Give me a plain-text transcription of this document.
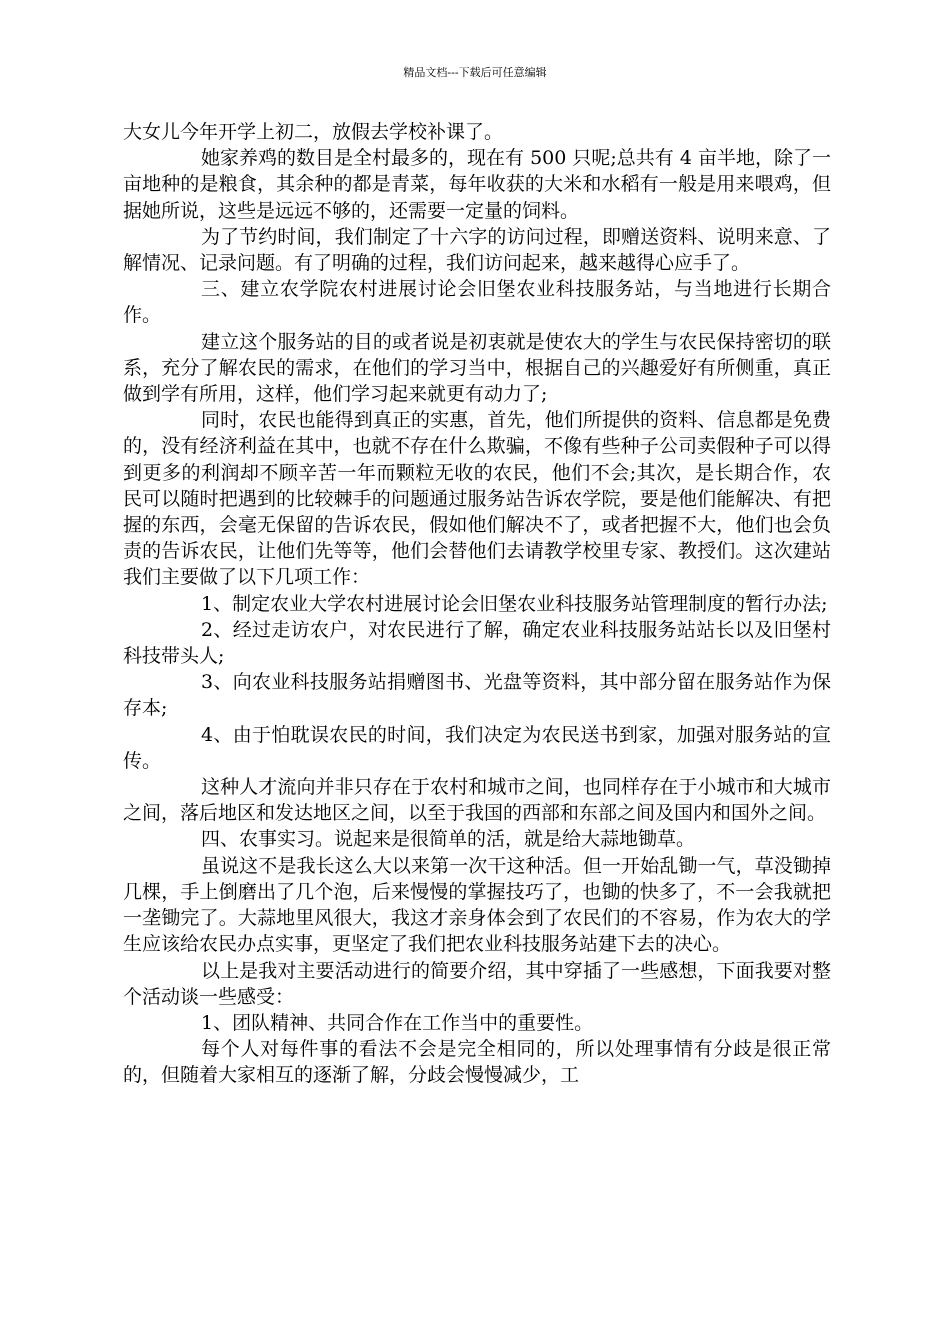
精品文档---下载后可任意编辑

大女儿今年开学上初二，放假去学校补课了。

她家养鸡的数目是全村最多的，现在有 500 只呢;总共有 4 亩半地，除了一亩地种的是粮食，其余种的都是青菜，每年收获的大米和水稻有一般是用来喂鸡，但据她所说，这些是远远不够的，还需要一定量的饲料。

为了节约时间，我们制定了十六字的访问过程，即赠送资料、说明来意、了解情况、记录问题。有了明确的过程，我们访问起来，越来越得心应手了。

三、建立农学院农村进展讨论会旧堡农业科技服务站，与当地进行长期合作。

建立这个服务站的目的或者说是初衷就是使农大的学生与农民保持密切的联系，充分了解农民的需求，在他们的学习当中，根据自己的兴趣爱好有所侧重，真正做到学有所用，这样，他们学习起来就更有动力了;

同时，农民也能得到真正的实惠，首先，他们所提供的资料、信息都是免费的，没有经济利益在其中，也就不存在什么欺骗，不像有些种子公司卖假种子可以得到更多的利润却不顾辛苦一年而颗粒无收的农民，他们不会;其次，是长期合作，农民可以随时把遇到的比较棘手的问题通过服务站告诉农学院，要是他们能解决、有把握的东西，会毫无保留的告诉农民，假如他们解决不了，或者把握不大，他们也会负责的告诉农民，让他们先等等，他们会替他们去请教学校里专家、教授们。这次建站我们主要做了以下几项工作：

1、制定农业大学农村进展讨论会旧堡农业科技服务站管理制度的暂行办法;

2、经过走访农户，对农民进行了解，确定农业科技服务站站长以及旧堡村科技带头人;

3、向农业科技服务站捐赠图书、光盘等资料，其中部分留在服务站作为保存本;

4、由于怕耽误农民的时间，我们决定为农民送书到家，加强对服务站的宣传。

这种人才流向并非只存在于农村和城市之间，也同样存在于小城市和大城市之间，落后地区和发达地区之间，以至于我国的西部和东部之间及国内和国外之间。

四、农事实习。说起来是很简单的活，就是给大蒜地锄草。

虽说这不是我长这么大以来第一次干这种活。但一开始乱锄一气，草没锄掉几棵，手上倒磨出了几个泡，后来慢慢的掌握技巧了，也锄的快多了，不一会我就把一垄锄完了。大蒜地里风很大，我这才亲身体会到了农民们的不容易，作为农大的学生应该给农民办点实事，更坚定了我们把农业科技服务站建下去的决心。

以上是我对主要活动进行的简要介绍，其中穿插了一些感想，下面我要对整个活动谈一些感受：

1、团队精神、共同合作在工作当中的重要性。

每个人对每件事的看法不会是完全相同的，所以处理事情有分歧是很正常的，但随着大家相互的逐渐了解，分歧会慢慢减少，工
